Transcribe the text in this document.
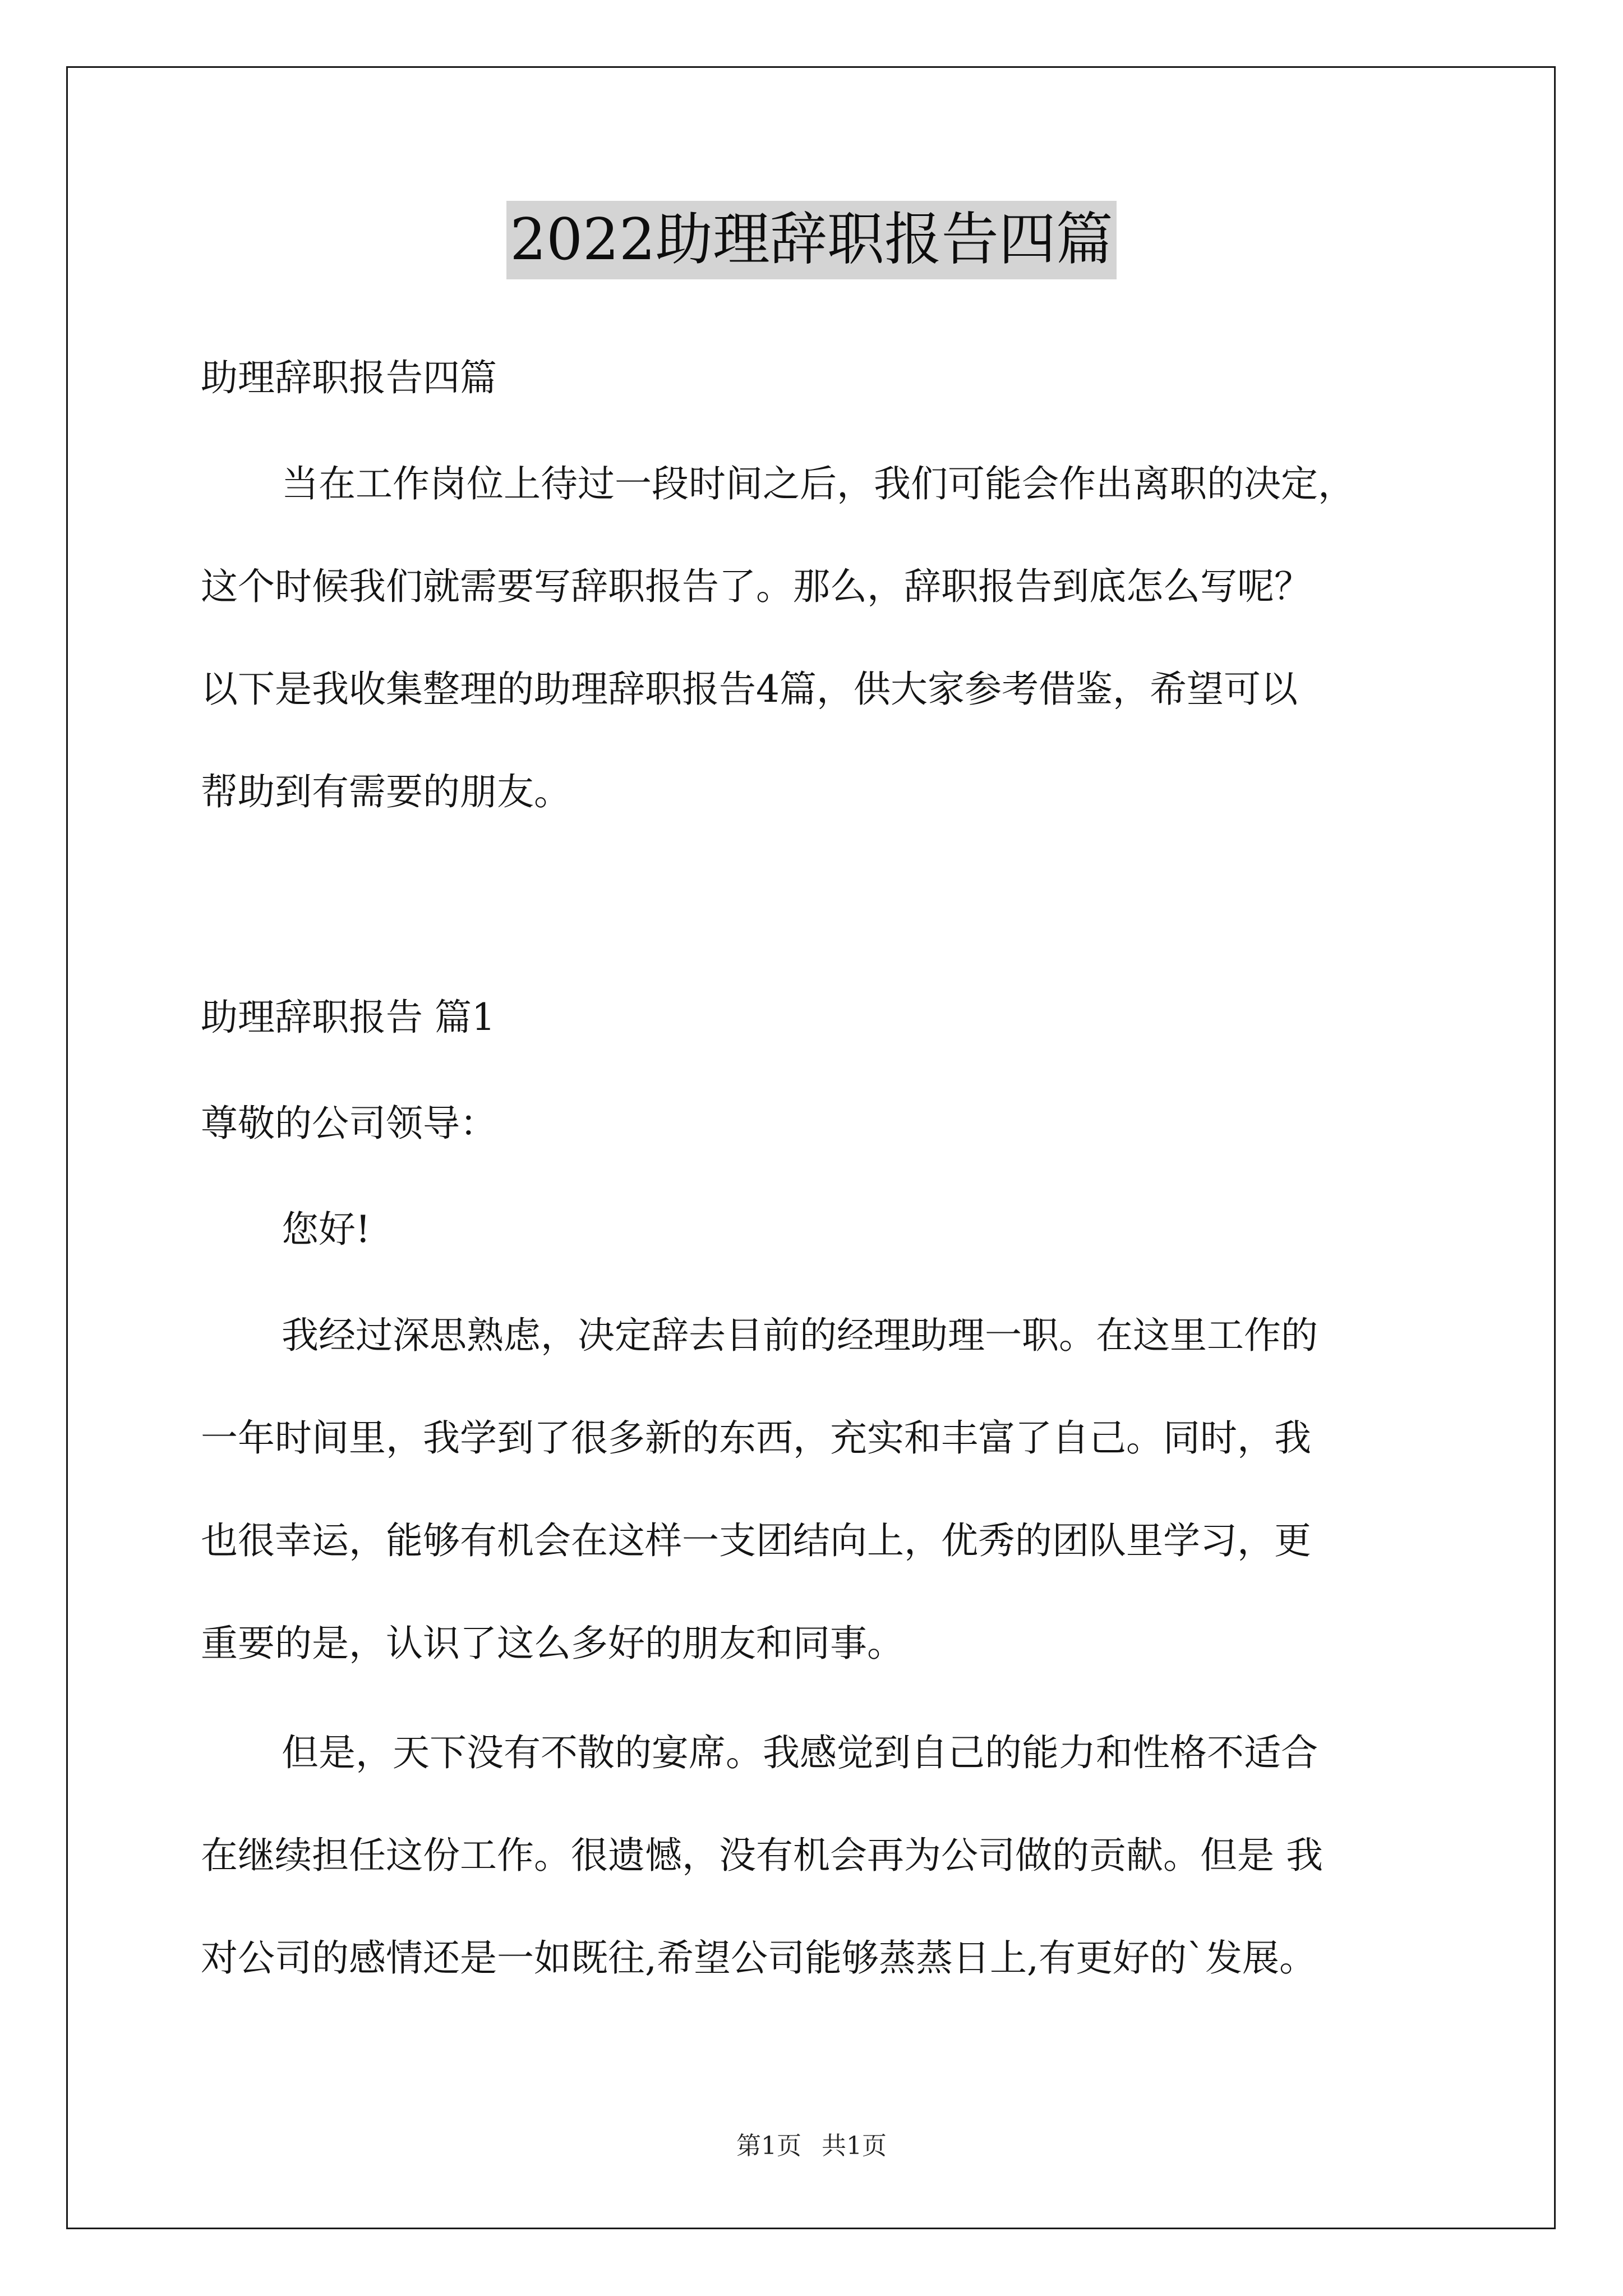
2022助理辞职报告四篇
助理辞职报告四篇
当在工作岗位上待过一段时间之后，我们可能会作出离职的决定，
这个时候我们就需要写辞职报告了。那么，辞职报告到底怎么写呢？
以下是我收集整理的助理辞职报告4篇，供大家参考借鉴，希望可以
帮助到有需要的朋友。
助理辞职报告 篇1
尊敬的公司领导：
您好!
我经过深思熟虑，决定辞去目前的经理助理一职。在这里工作的
一年时间里，我学到了很多新的东西，充实和丰富了自己。同时，我
也很幸运，能够有机会在这样一支团结向上，优秀的团队里学习，更
重要的是，认识了这么多好的朋友和同事。
但是，天下没有不散的宴席。我感觉到自己的能力和性格不适合
在继续担任这份工作。很遗憾，没有机会再为公司做的贡献。但是 我
对公司的感情还是一如既往,希望公司能够蒸蒸日上,有更好的`发展。
第1页 共1页
